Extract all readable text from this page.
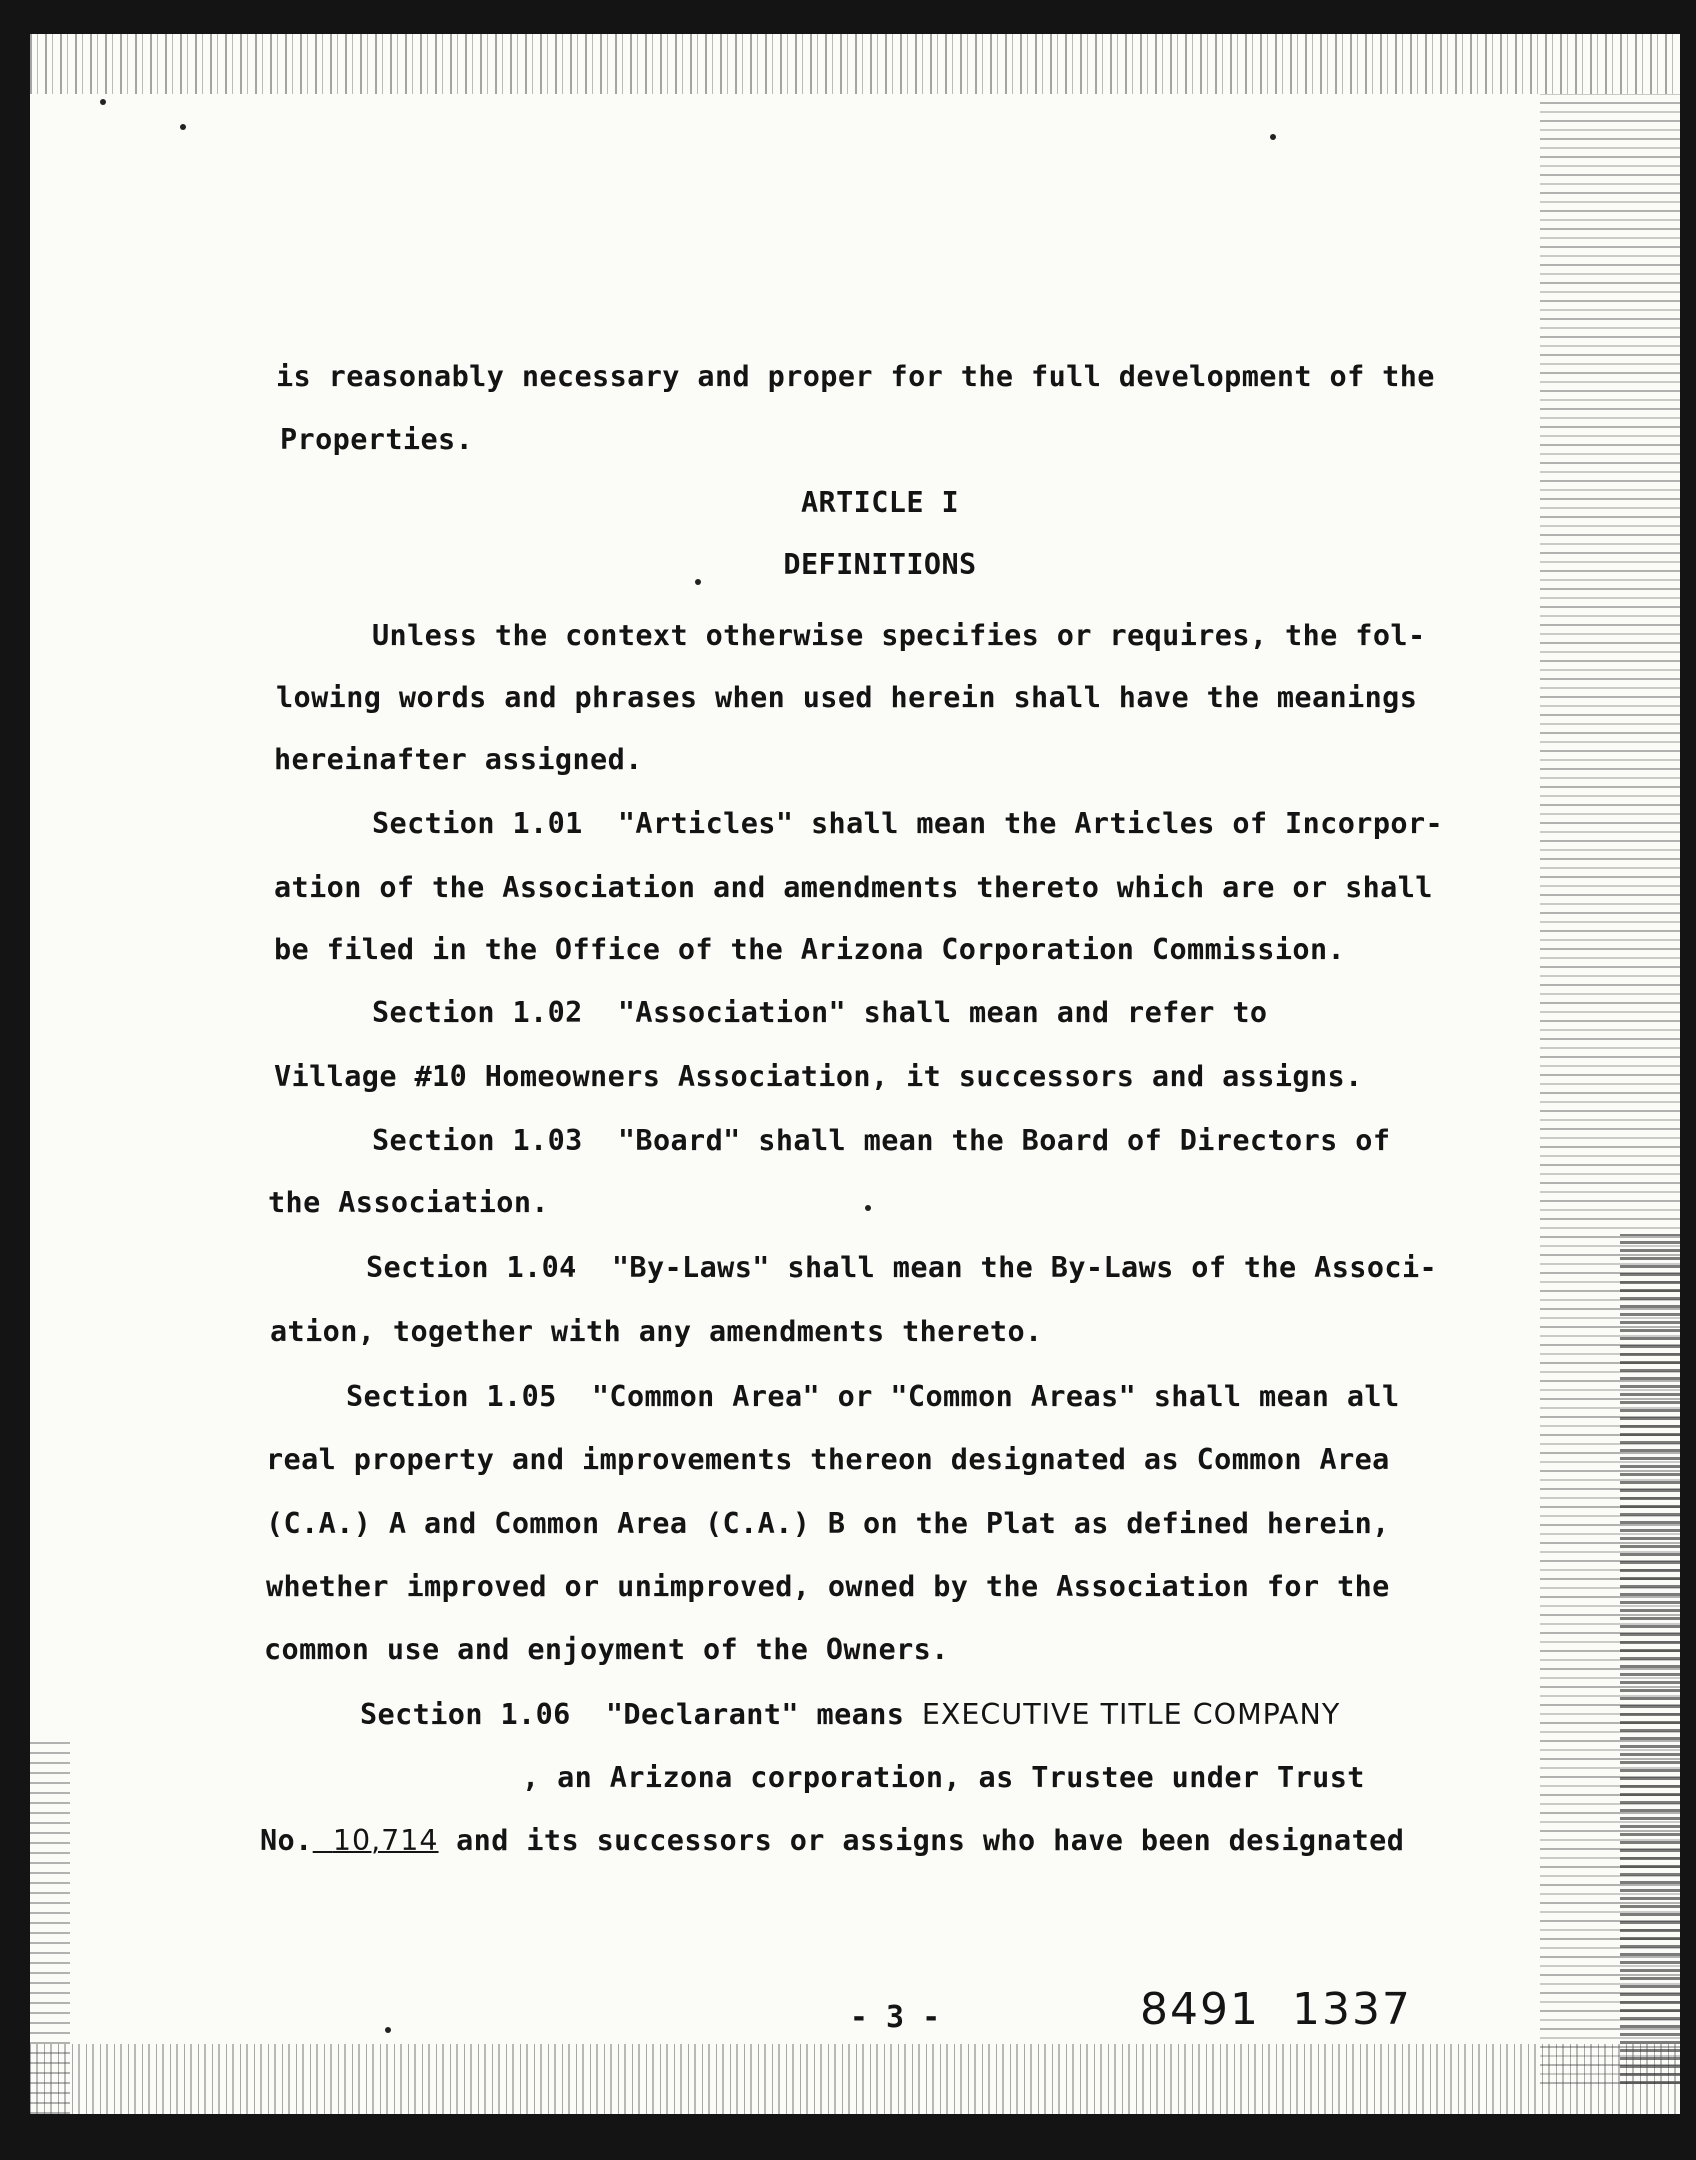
is reasonably necessary and proper for the full development of the
Properties.
ARTICLE I
DEFINITIONS
Unless the context otherwise specifies or requires, the fol-
lowing words and phrases when used herein shall have the meanings
hereinafter assigned.
Section 1.01 "Articles" shall mean the Articles of Incorpor-
ation of the Association and amendments thereto which are or shall
be filed in the Office of the Arizona Corporation Commission.
Section 1.02 "Association" shall mean and refer to
Village #10 Homeowners Association, it successors and assigns.
Section 1.03 "Board" shall mean the Board of Directors of
the Association.
Section 1.04 "By-Laws" shall mean the By-Laws of the Associ-
ation, together with any amendments thereto.
Section 1.05 "Common Area" or "Common Areas" shall mean all
real property and improvements thereon designated as Common Area
(C.A.) A and Common Area (C.A.) B on the Plat as defined herein,
whether improved or unimproved, owned by the Association for the
common use and enjoyment of the Owners.
Section 1.06 "Declarant" means EXECUTIVE TITLE COMPANY
, an Arizona corporation, as Trustee under Trust
No. 10,714 and its successors or assigns who have been designated
- 3 -	8491  1337
